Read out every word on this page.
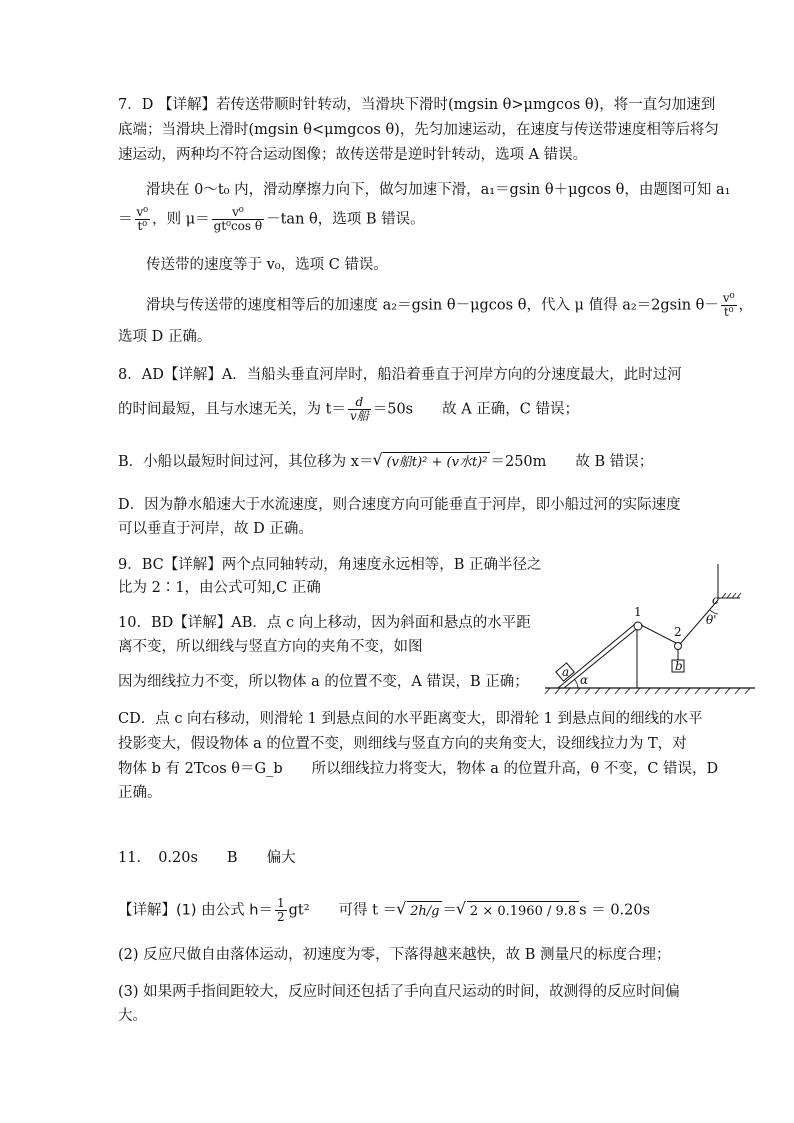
7．D 【详解】若传送带顺时针转动，当滑块下滑时(mgsin θ>μmgcos θ)，将一直匀加速到
底端；当滑块上滑时(mgsin θ<μmgcos θ)，先匀加速运动，在速度与传送带速度相等后将匀
速运动，两种均不符合运动图像；故传送带是逆时针转动，选项 A 错误。
滑块在 0～t₀ 内，滑动摩擦力向下，做匀加速下滑，a₁＝gsin θ＋μgcos θ，由题图可知 a₁
＝ $\frac{\text{v⁰}}{\text{t⁰}}$ ，则 $\mu= \frac{\text{v⁰}}{\text{gt⁰cos θ}} -\tan$ θ，选项 B 错误。
传送带的速度等于 v₀，选项 C 错误。
滑块与传送带的速度相等后的加速度 a₂＝gsin θ－μgcos θ，代入 μ 值得 a₂＝2gsin $\theta- \frac{\text{v⁰}}{\text{t⁰}}$ ，
选项 D 正确。
8．AD【详解】A．当船头垂直河岸时，船沿着垂直于河岸方向的分速度最大，此时过河
的时间最短，且与水速无关，为 $t= \frac{d}{\text{v船}} =50s$　　故 A 正确，C 错误；
B．小船以最短时间过河，其位移为 x＝ √ (v船t)² + (v水t)² ＝250m　　故 B 错误；
D．因为静水船速大于水流速度，则合速度方向可能垂直于河岸，即小船过河的实际速度
可以垂直于河岸，故 D 正确。
9．BC【详解】两个点同轴转动，角速度永远相等，B 正确半径之
比为 2∶1，由公式可知,C 正确
10．BD【详解】AB．点 c 向上移动，因为斜面和悬点的水平距
离不变，所以细线与竖直方向的夹角不变，如图
因为细线拉力不变，所以物体 a 的位置不变，A 错误，B 正确；
CD．点 c 向右移动，则滑轮 1 到悬点间的水平距离变大，即滑轮 1 到悬点间的细线的水平
投影变大，假设物体 a 的位置不变，则细线与竖直方向的夹角变大，设细线拉力为 T，对
物体 b 有 2Tcos θ＝G_b　　所以细线拉力将变大，物体 a 的位置升高，θ 不变，C 错误，D
正确。
a
α
1
2
b
c
θ'
11．　0.20s　　B　　偏大
【详解】(1) 由公式 $h= \frac{1}{2} gt^2$　　可得 t ＝ √ 2h/g ＝ √ 2 × 0.1960 / 9.8 s ＝ 0.20s
(2) 反应尺做自由落体运动，初速度为零，下落得越来越快，故 B 测量尺的标度合理；
(3) 如果两手指间距较大，反应时间还包括了手向直尺运动的时间，故测得的反应时间偏
大。
